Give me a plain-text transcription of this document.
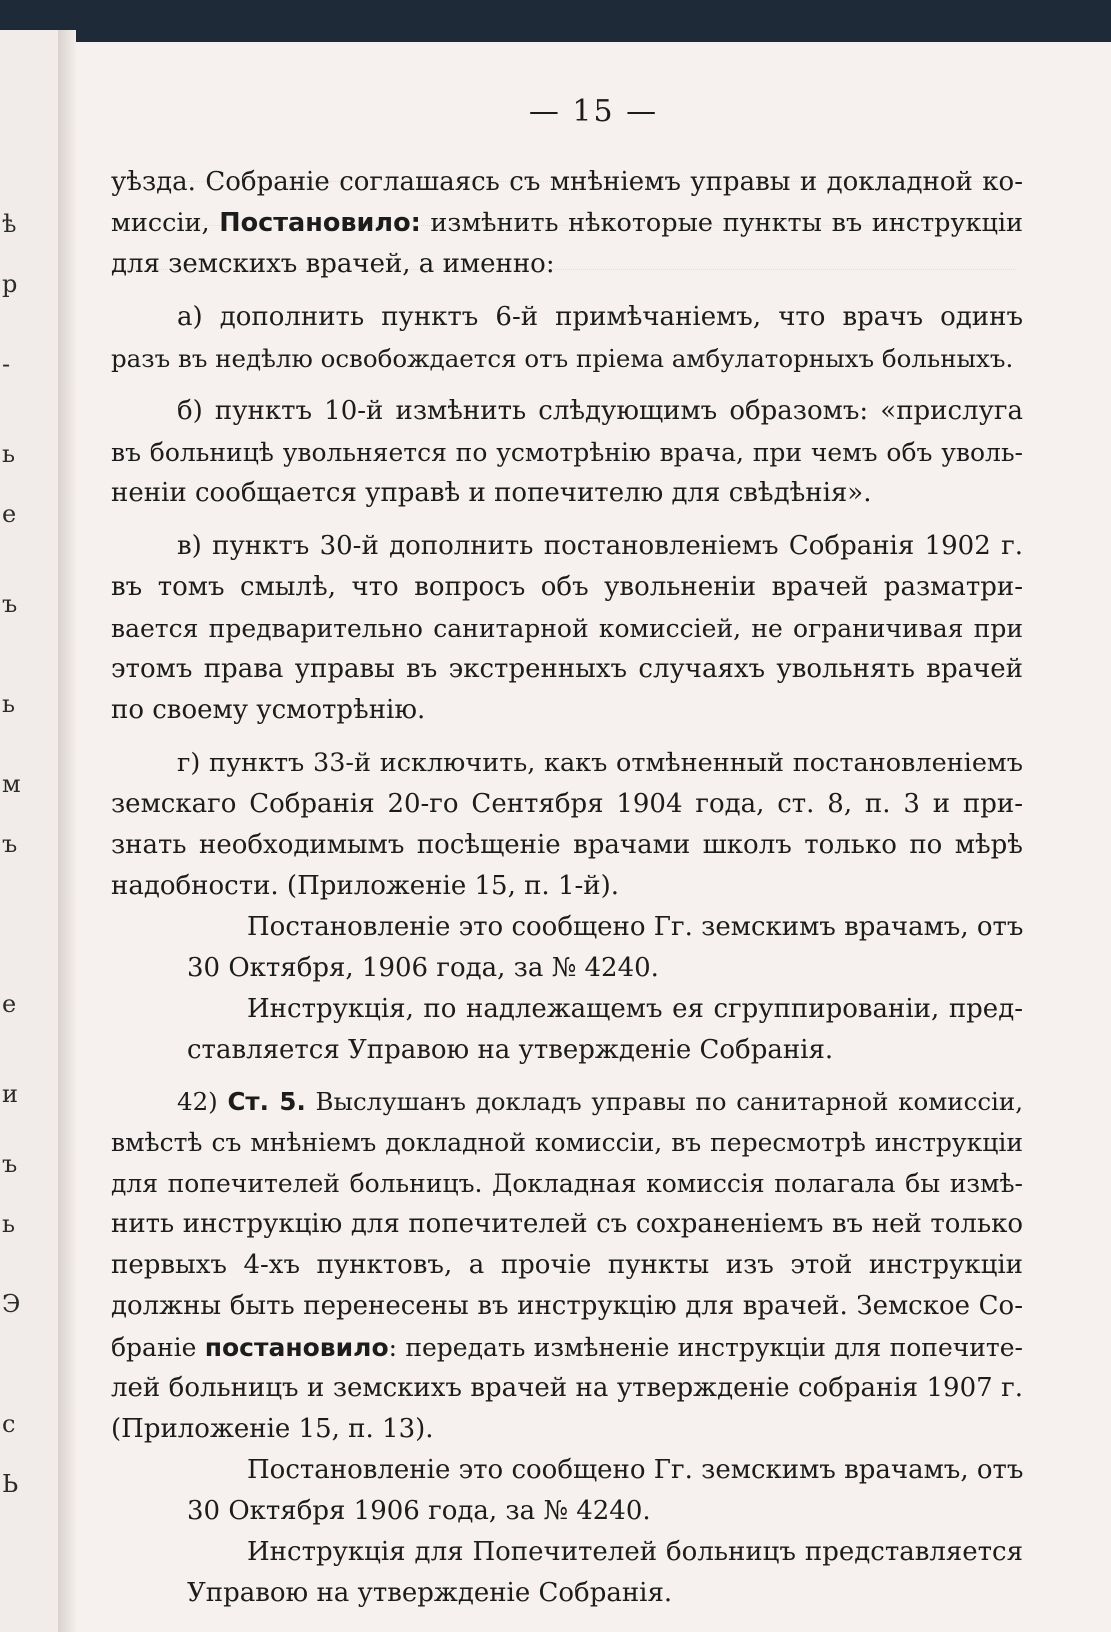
ѣ
р
-
ь
е
ъ
ь
м
ъ
е
и
ъ
ь
Э
с
Ь
— 15 —
уѣзда. Собраніе соглашаясь съ мнѣніемъ управы и докладной ко-
миссіи, Постановило: измѣнить нѣкоторые пункты въ инструкціи
для земскихъ врачей, а именно:
а) дополнить пунктъ 6-й примѣчаніемъ, что врачъ одинъ
разъ въ недѣлю освобождается отъ пріема амбулаторныхъ больныхъ.
б) пунктъ 10-й измѣнить слѣдующимъ образомъ: «прислуга
въ больницѣ увольняется по усмотрѣнію врача, при чемъ объ уволь-
неніи сообщается управѣ и попечителю для свѣдѣнія».
в) пунктъ 30-й дополнить постановленіемъ Собранія 1902 г.
въ томъ смылѣ, что вопросъ объ увольненіи врачей разматри-
вается предварительно санитарной комиссіей, не ограничивая при
этомъ права управы въ экстренныхъ случаяхъ увольнять врачей
по своему усмотрѣнію.
г) пунктъ 33-й исключить, какъ отмѣненный постановленіемъ
земскаго Собранія 20-го Сентября 1904 года, ст. 8, п. 3 и при-
знать необходимымъ посѣщеніе врачами школъ только по мѣрѣ
надобности. (Приложеніе 15, п. 1-й).
Постановленіе это сообщено Гг. земскимъ врачамъ, отъ
30 Октября, 1906 года, за № 4240.
Инструкція, по надлежащемъ ея сгруппированіи, пред-
ставляется Управою на утвержденіе Собранія.
42) Ст. 5. Выслушанъ докладъ управы по санитарной комиссіи,
вмѣстѣ съ мнѣніемъ докладной комиссіи, въ пересмотрѣ инструкціи
для попечителей больницъ. Докладная комиссія полагала бы измѣ-
нить инструкцію для попечителей съ сохраненіемъ въ ней только
первыхъ 4-хъ пунктовъ, а прочіе пункты изъ этой инструкціи
должны быть перенесены въ инструкцію для врачей. Земское Со-
браніе постановило: передать измѣненіе инструкціи для попечите-
лей больницъ и земскихъ врачей на утвержденіе собранія 1907 г.
(Приложеніе 15, п. 13).
Постановленіе это сообщено Гг. земскимъ врачамъ, отъ
30 Октября 1906 года, за № 4240.
Инструкція для Попечителей больницъ представляется
Управою на утвержденіе Собранія.
